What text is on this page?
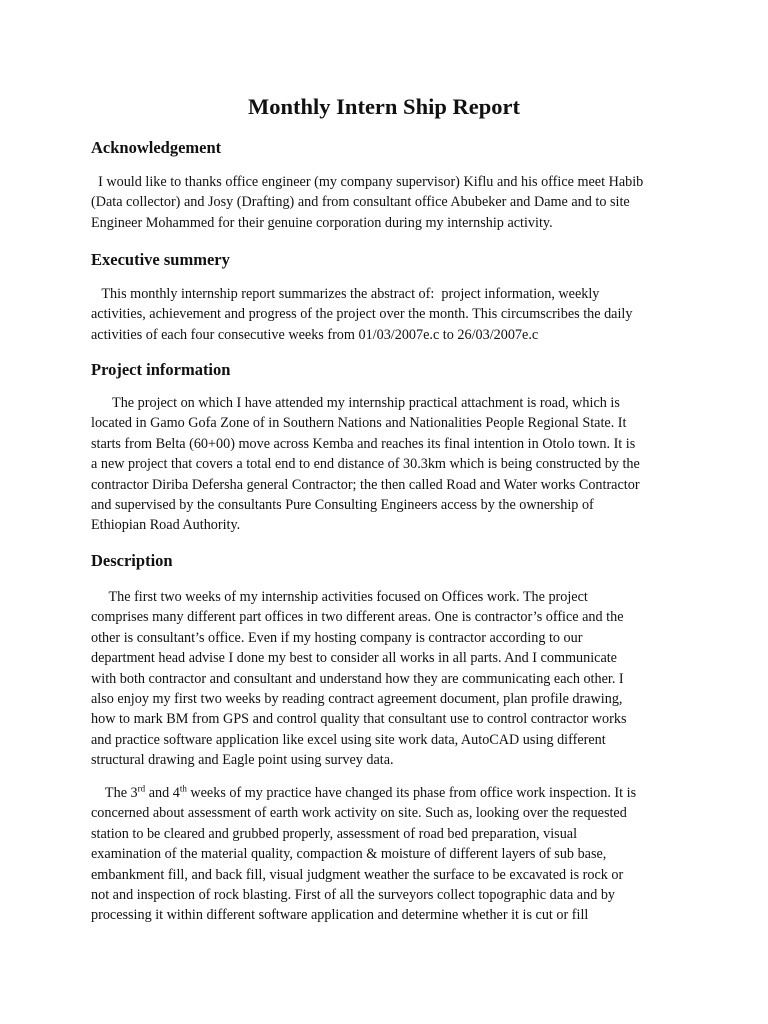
Monthly Intern Ship Report
Acknowledgement

I would like to thanks office engineer (my company supervisor) Kiflu and his office meet Habib
(Data collector) and Josy (Drafting) and from consultant office Abubeker and Dame and to site
Engineer Mohammed for their genuine corporation during my internship activity.

Executive summery

This monthly internship report summarizes the abstract of:  project information, weekly
activities, achievement and progress of the project over the month. This circumscribes the daily
activities of each four consecutive weeks from 01/03/2007e.c to 26/03/2007e.c

Project information

The project on which I have attended my internship practical attachment is road, which is
located in Gamo Gofa Zone of in Southern Nations and Nationalities People Regional State. It
starts from Belta (60+00) move across Kemba and reaches its final intention in Otolo town. It is
a new project that covers a total end to end distance of 30.3km which is being constructed by the
contractor Diriba Defersha general Contractor; the then called Road and Water works Contractor
and supervised by the consultants Pure Consulting Engineers access by the ownership of
Ethiopian Road Authority.

Description

The first two weeks of my internship activities focused on Offices work. The project
comprises many different part offices in two different areas. One is contractor’s office and the
other is consultant’s office. Even if my hosting company is contractor according to our
department head advise I done my best to consider all works in all parts. And I communicate
with both contractor and consultant and understand how they are communicating each other. I
also enjoy my first two weeks by reading contract agreement document, plan profile drawing,
how to mark BM from GPS and control quality that consultant use to control contractor works
and practice software application like excel using site work data, AutoCAD using different
structural drawing and Eagle point using survey data.

The 3rd and 4th weeks of my practice have changed its phase from office work inspection. It is
concerned about assessment of earth work activity on site. Such as, looking over the requested
station to be cleared and grubbed properly, assessment of road bed preparation, visual
examination of the material quality, compaction & moisture of different layers of sub base,
embankment fill, and back fill, visual judgment weather the surface to be excavated is rock or
not and inspection of rock blasting. First of all the surveyors collect topographic data and by
processing it within different software application and determine whether it is cut or fill
